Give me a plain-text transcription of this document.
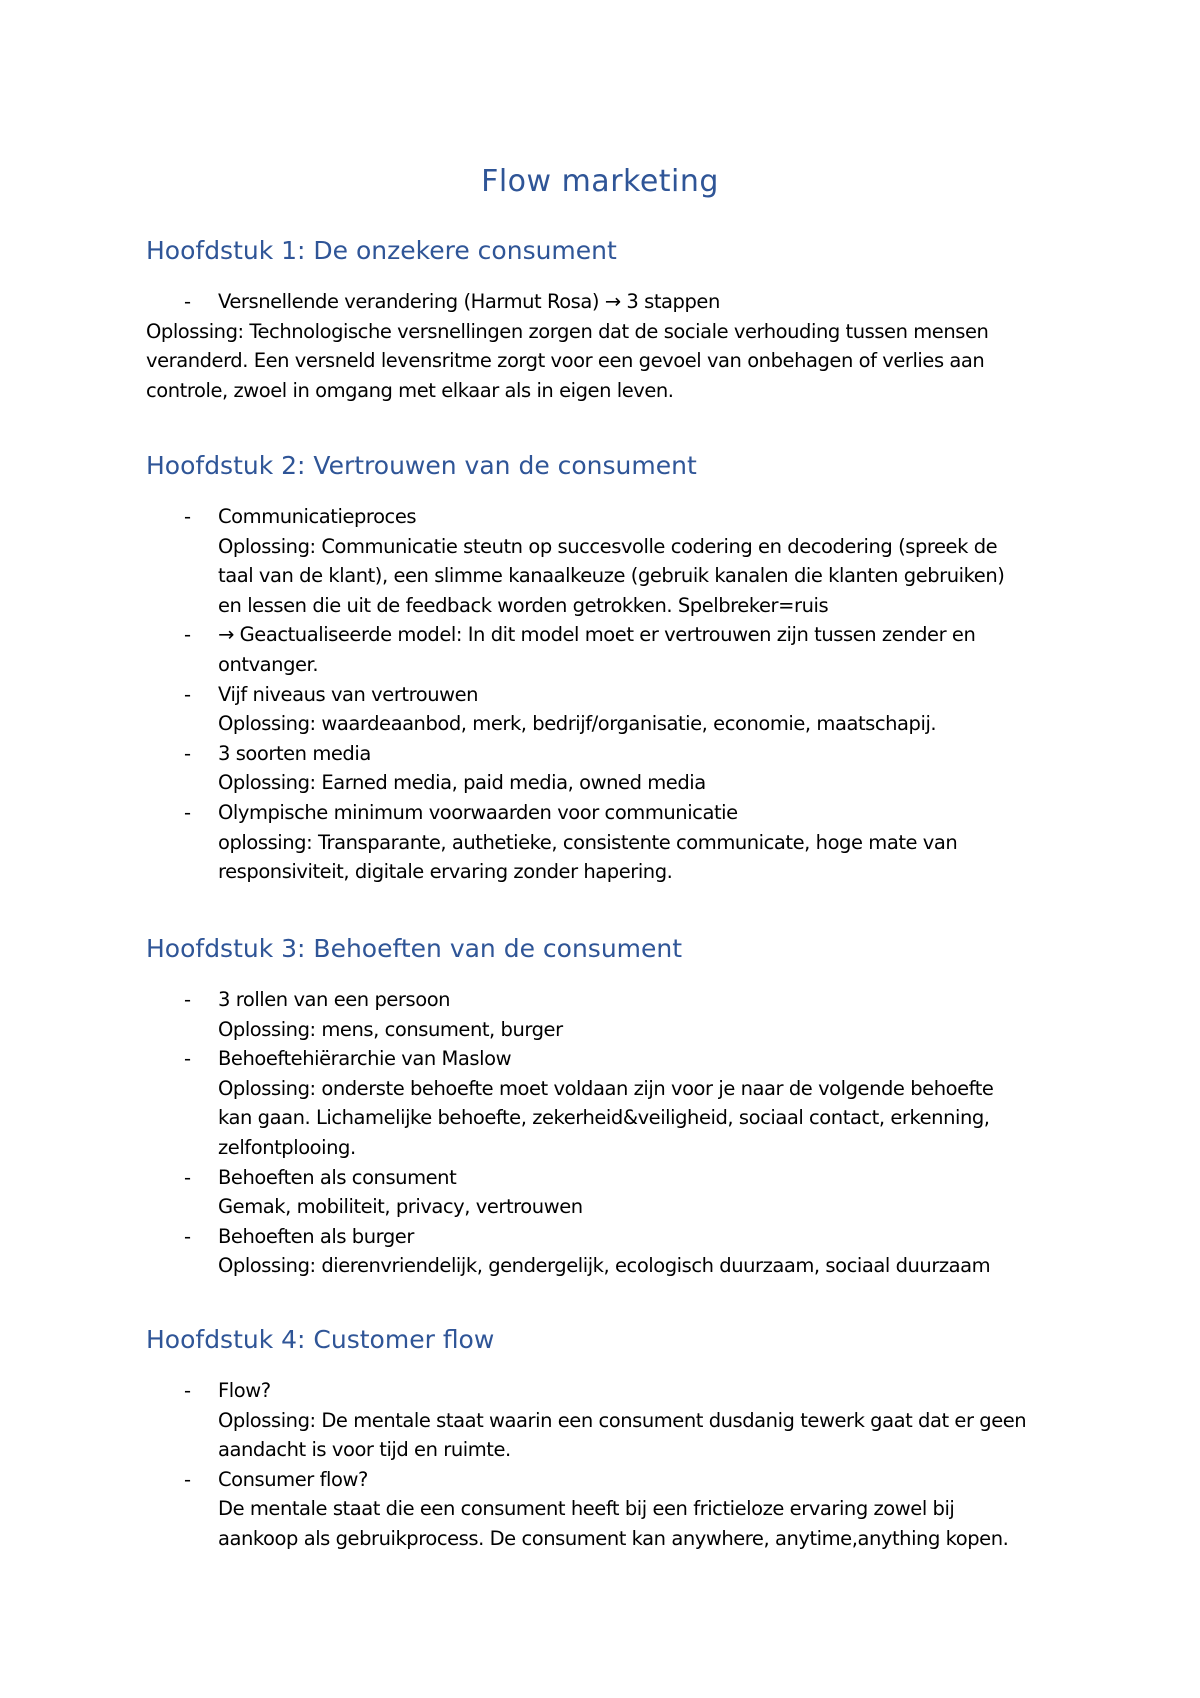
Flow marketing
Hoofdstuk 1: De onzekere consument
- Versnellende verandering (Harmut Rosa) → 3 stappen
Oplossing: Technologische versnellingen zorgen dat de sociale verhouding tussen mensen
veranderd. Een versneld levensritme zorgt voor een gevoel van onbehagen of verlies aan
controle, zwoel in omgang met elkaar als in eigen leven.
Hoofdstuk 2: Vertrouwen van de consument
- Communicatieproces
Oplossing: Communicatie steutn op succesvolle codering en decodering (spreek de
taal van de klant), een slimme kanaalkeuze (gebruik kanalen die klanten gebruiken)
en lessen die uit de feedback worden getrokken. Spelbreker=ruis
- → Geactualiseerde model: In dit model moet er vertrouwen zijn tussen zender en
ontvanger.
- Vijf niveaus van vertrouwen
Oplossing: waardeaanbod, merk, bedrijf/organisatie, economie, maatschapij.
- 3 soorten media
Oplossing: Earned media, paid media, owned media
- Olympische minimum voorwaarden voor communicatie
oplossing: Transparante, authetieke, consistente communicate, hoge mate van
responsiviteit, digitale ervaring zonder hapering.
Hoofdstuk 3: Behoeften van de consument
- 3 rollen van een persoon
Oplossing: mens, consument, burger
- Behoeftehiërarchie van Maslow
Oplossing: onderste behoefte moet voldaan zijn voor je naar de volgende behoefte
kan gaan. Lichamelijke behoefte, zekerheid&veiligheid, sociaal contact, erkenning,
zelfontplooing.
- Behoeften als consument
Gemak, mobiliteit, privacy, vertrouwen
- Behoeften als burger
Oplossing: dierenvriendelijk, gendergelijk, ecologisch duurzaam, sociaal duurzaam
Hoofdstuk 4: Customer flow
- Flow?
Oplossing: De mentale staat waarin een consument dusdanig tewerk gaat dat er geen
aandacht is voor tijd en ruimte.
- Consumer flow?
De mentale staat die een consument heeft bij een frictieloze ervaring zowel bij
aankoop als gebruikprocess. De consument kan anywhere, anytime,anything kopen.
